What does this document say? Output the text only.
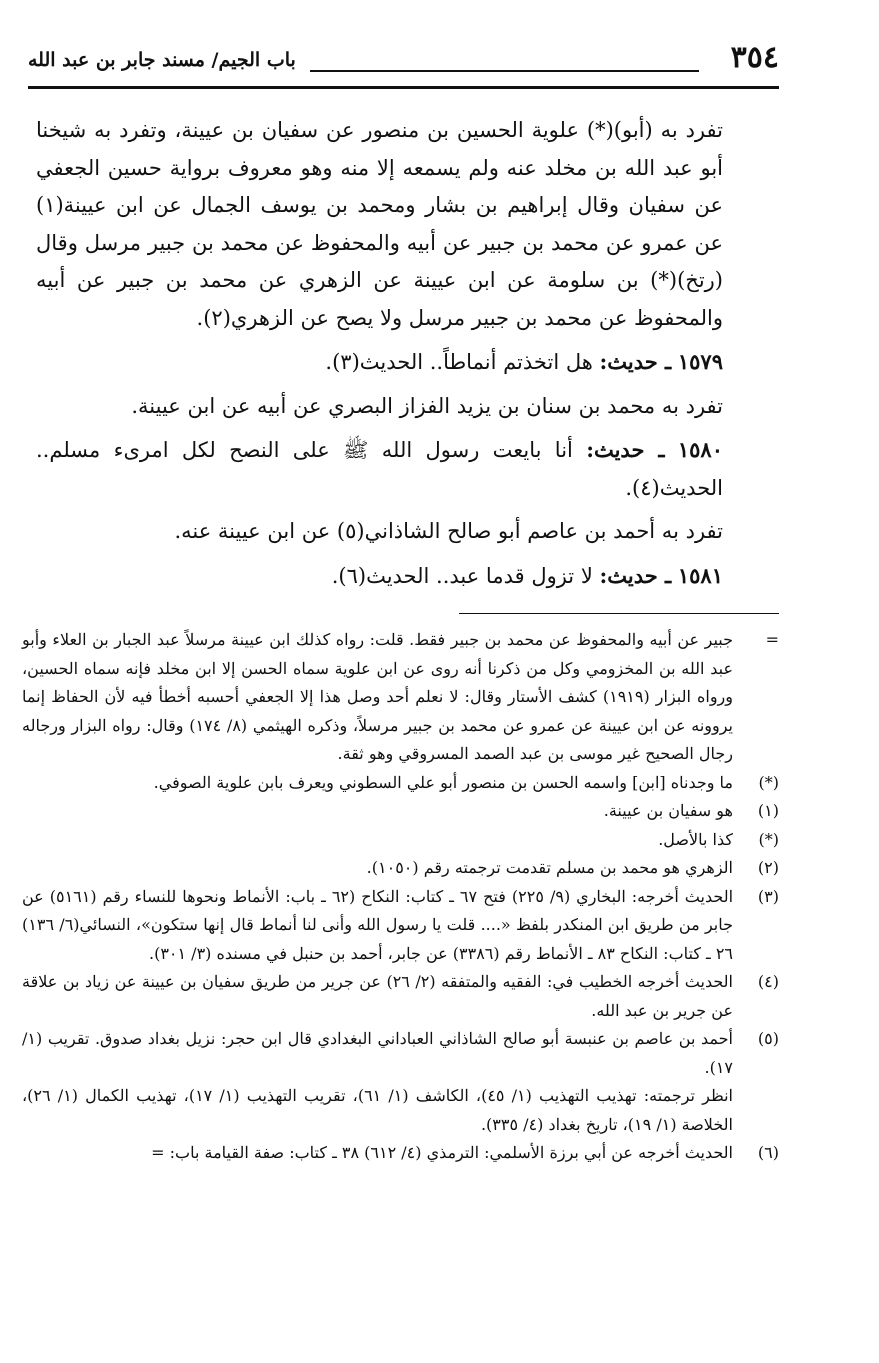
٣٥٤
باب الجيم/ مسند جابر بن عبد الله

تفرد به (أبو)(*) علوية الحسين بن منصور عن سفيان بن عيينة، وتفرد به شيخنا أبو عبد الله بن مخلد عنه ولم يسمعه إلا منه وهو معروف برواية حسين الجعفي عن سفيان وقال إبراهيم بن بشار ومحمد بن يوسف الجمال عن ابن عيينة(١) عن عمرو عن محمد بن جبير عن أبيه والمحفوظ عن محمد بن جبير مرسل وقال (رتخ)(*) بن سلومة عن ابن عيينة عن الزهري عن محمد بن جبير عن أبيه والمحفوظ عن محمد بن جبير مرسل ولا يصح عن الزهري(٢).

١٥٧٩ ـ حديث: هل اتخذتم أنماطاً.. الحديث(٣).

تفرد به محمد بن سنان بن يزيد الفزاز البصري عن أبيه عن ابن عيينة.

١٥٨٠ ـ حديث: أنا بايعت رسول الله ﷺ على النصح لكل امرىء مسلم.. الحديث(٤).

تفرد به أحمد بن عاصم أبو صالح الشاذاني(٥) عن ابن عيينة عنه.

١٥٨١ ـ حديث: لا تزول قدما عبد.. الحديث(٦).

=
جبير عن أبيه والمحفوظ عن محمد بن جبير فقط. قلت: رواه كذلك ابن عيينة مرسلاً عبد الجبار بن العلاء وأبو عبد الله بن المخزومي وكل من ذكرنا أنه روى عن ابن علوية سماه الحسن إلا ابن مخلد فإنه سماه الحسين، ورواه البزار (١٩١٩) كشف الأستار وقال: لا نعلم أحد وصل هذا إلا الجعفي أحسبه أخطأ فيه لأن الحفاظ إنما يروونه عن ابن عيينة عن عمرو عن محمد بن جبير مرسلاً، وذكره الهيثمي (٨/ ١٧٤) وقال: رواه البزار ورجاله رجال الصحيح غير موسى بن عبد الصمد المسروقي وهو ثقة.
(*)
ما وجدناه [ابن] واسمه الحسن بن منصور أبو علي السطوني ويعرف بابن علوية الصوفي.
(١)
هو سفيان بن عيينة.
(*)
كذا بالأصل.
(٢)
الزهري هو محمد بن مسلم تقدمت ترجمته رقم (١٠٥٠).
(٣)
الحديث أخرجه: البخاري (٩/ ٢٢٥) فتح ٦٧ ـ كتاب: النكاح (٦٢ ـ باب: الأنماط ونحوها للنساء رقم (٥١٦١) عن جابر من طريق ابن المنكدر بلفظ «.... قلت يا رسول الله وأنى لنا أنماط قال إنها ستكون»، النسائي(٦/ ١٣٦) ٢٦ ـ كتاب: النكاح ٨٣ ـ الأنماط رقم (٣٣٨٦) عن جابر، أحمد بن حنبل في مسنده (٣/ ٣٠١).
(٤)
الحديث أخرجه الخطيب في: الفقيه والمتفقه (٢/ ٢٦) عن جرير من طريق سفيان بن عيينة عن زياد بن علاقة عن جرير بن عبد الله.
(٥)
أحمد بن عاصم بن عنبسة أبو صالح الشاذاني العباداني البغدادي قال ابن حجر: نزيل بغداد صدوق. تقريب (١/ ١٧).
انظر ترجمته: تهذيب التهذيب (١/ ٤٥)، الكاشف (١/ ٦١)، تقريب التهذيب (١/ ١٧)، تهذيب الكمال (١/ ٢٦)، الخلاصة (١/ ١٩)، تاريخ بغداد (٤/ ٣٣٥).
(٦)
الحديث أخرجه عن أبي برزة الأسلمي: الترمذي (٤/ ٦١٢) ٣٨ ـ كتاب: صفة القيامة باب: =
